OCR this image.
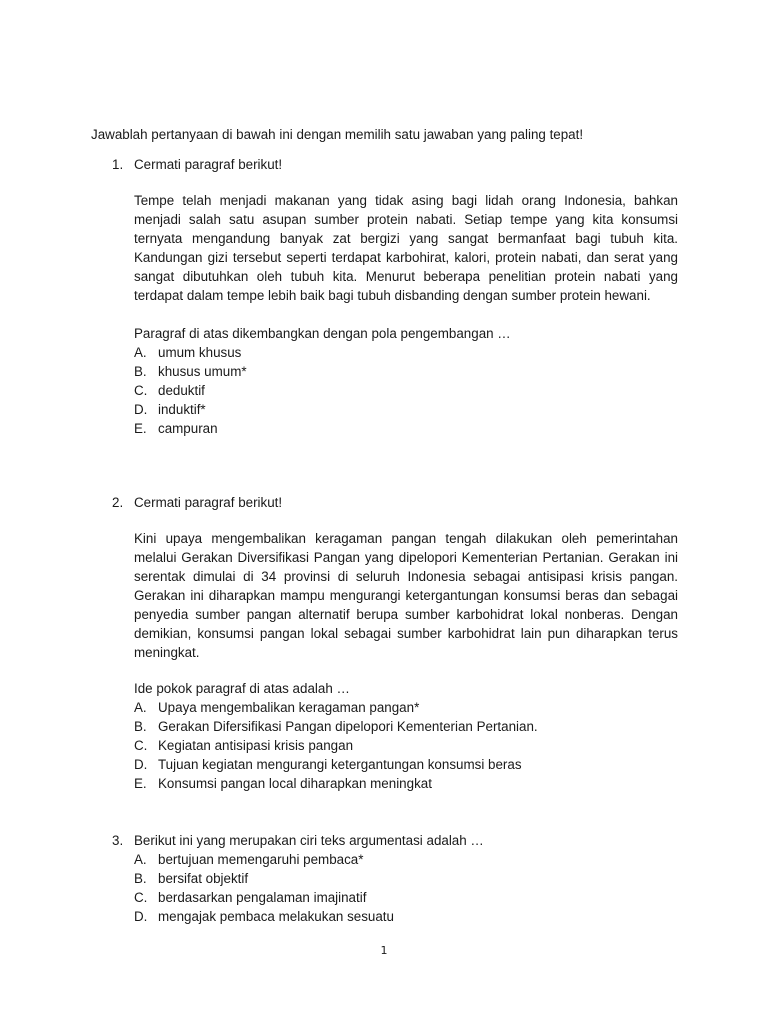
Jawablah pertanyaan di bawah ini dengan memilih satu jawaban yang paling tepat!
1. Cermati paragraf berikut!
Tempe telah menjadi makanan yang tidak asing bagi lidah orang Indonesia, bahkan menjadi salah satu asupan sumber protein nabati. Setiap tempe yang kita konsumsi ternyata mengandung banyak zat bergizi yang sangat bermanfaat bagi tubuh kita. Kandungan gizi tersebut seperti terdapat karbohirat, kalori, protein nabati, dan serat yang sangat dibutuhkan oleh tubuh kita. Menurut beberapa penelitian protein nabati yang terdapat dalam tempe lebih baik bagi tubuh disbanding dengan sumber protein hewani.
Paragraf di atas dikembangkan dengan pola pengembangan …
A. umum khusus
B. khusus umum*
C. deduktif
D. induktif*
E. campuran
2. Cermati paragraf berikut!
Kini upaya mengembalikan keragaman pangan tengah dilakukan oleh pemerintahan melalui Gerakan Diversifikasi Pangan yang dipelopori Kementerian Pertanian. Gerakan ini serentak dimulai di 34 provinsi di seluruh Indonesia sebagai antisipasi krisis pangan. Gerakan ini diharapkan mampu mengurangi ketergantungan konsumsi beras dan sebagai penyedia sumber pangan alternatif berupa sumber karbohidrat lokal nonberas. Dengan demikian, konsumsi pangan lokal sebagai sumber karbohidrat lain pun diharapkan terus meningkat.
Ide pokok paragraf di atas adalah …
A. Upaya mengembalikan keragaman pangan*
B. Gerakan Difersifikasi Pangan dipelopori Kementerian Pertanian.
C. Kegiatan antisipasi krisis pangan
D. Tujuan kegiatan mengurangi ketergantungan konsumsi beras
E. Konsumsi pangan local diharapkan meningkat
3. Berikut ini yang merupakan ciri teks argumentasi adalah …
A. bertujuan memengaruhi pembaca*
B. bersifat objektif
C. berdasarkan pengalaman imajinatif
D. mengajak pembaca melakukan sesuatu
1
